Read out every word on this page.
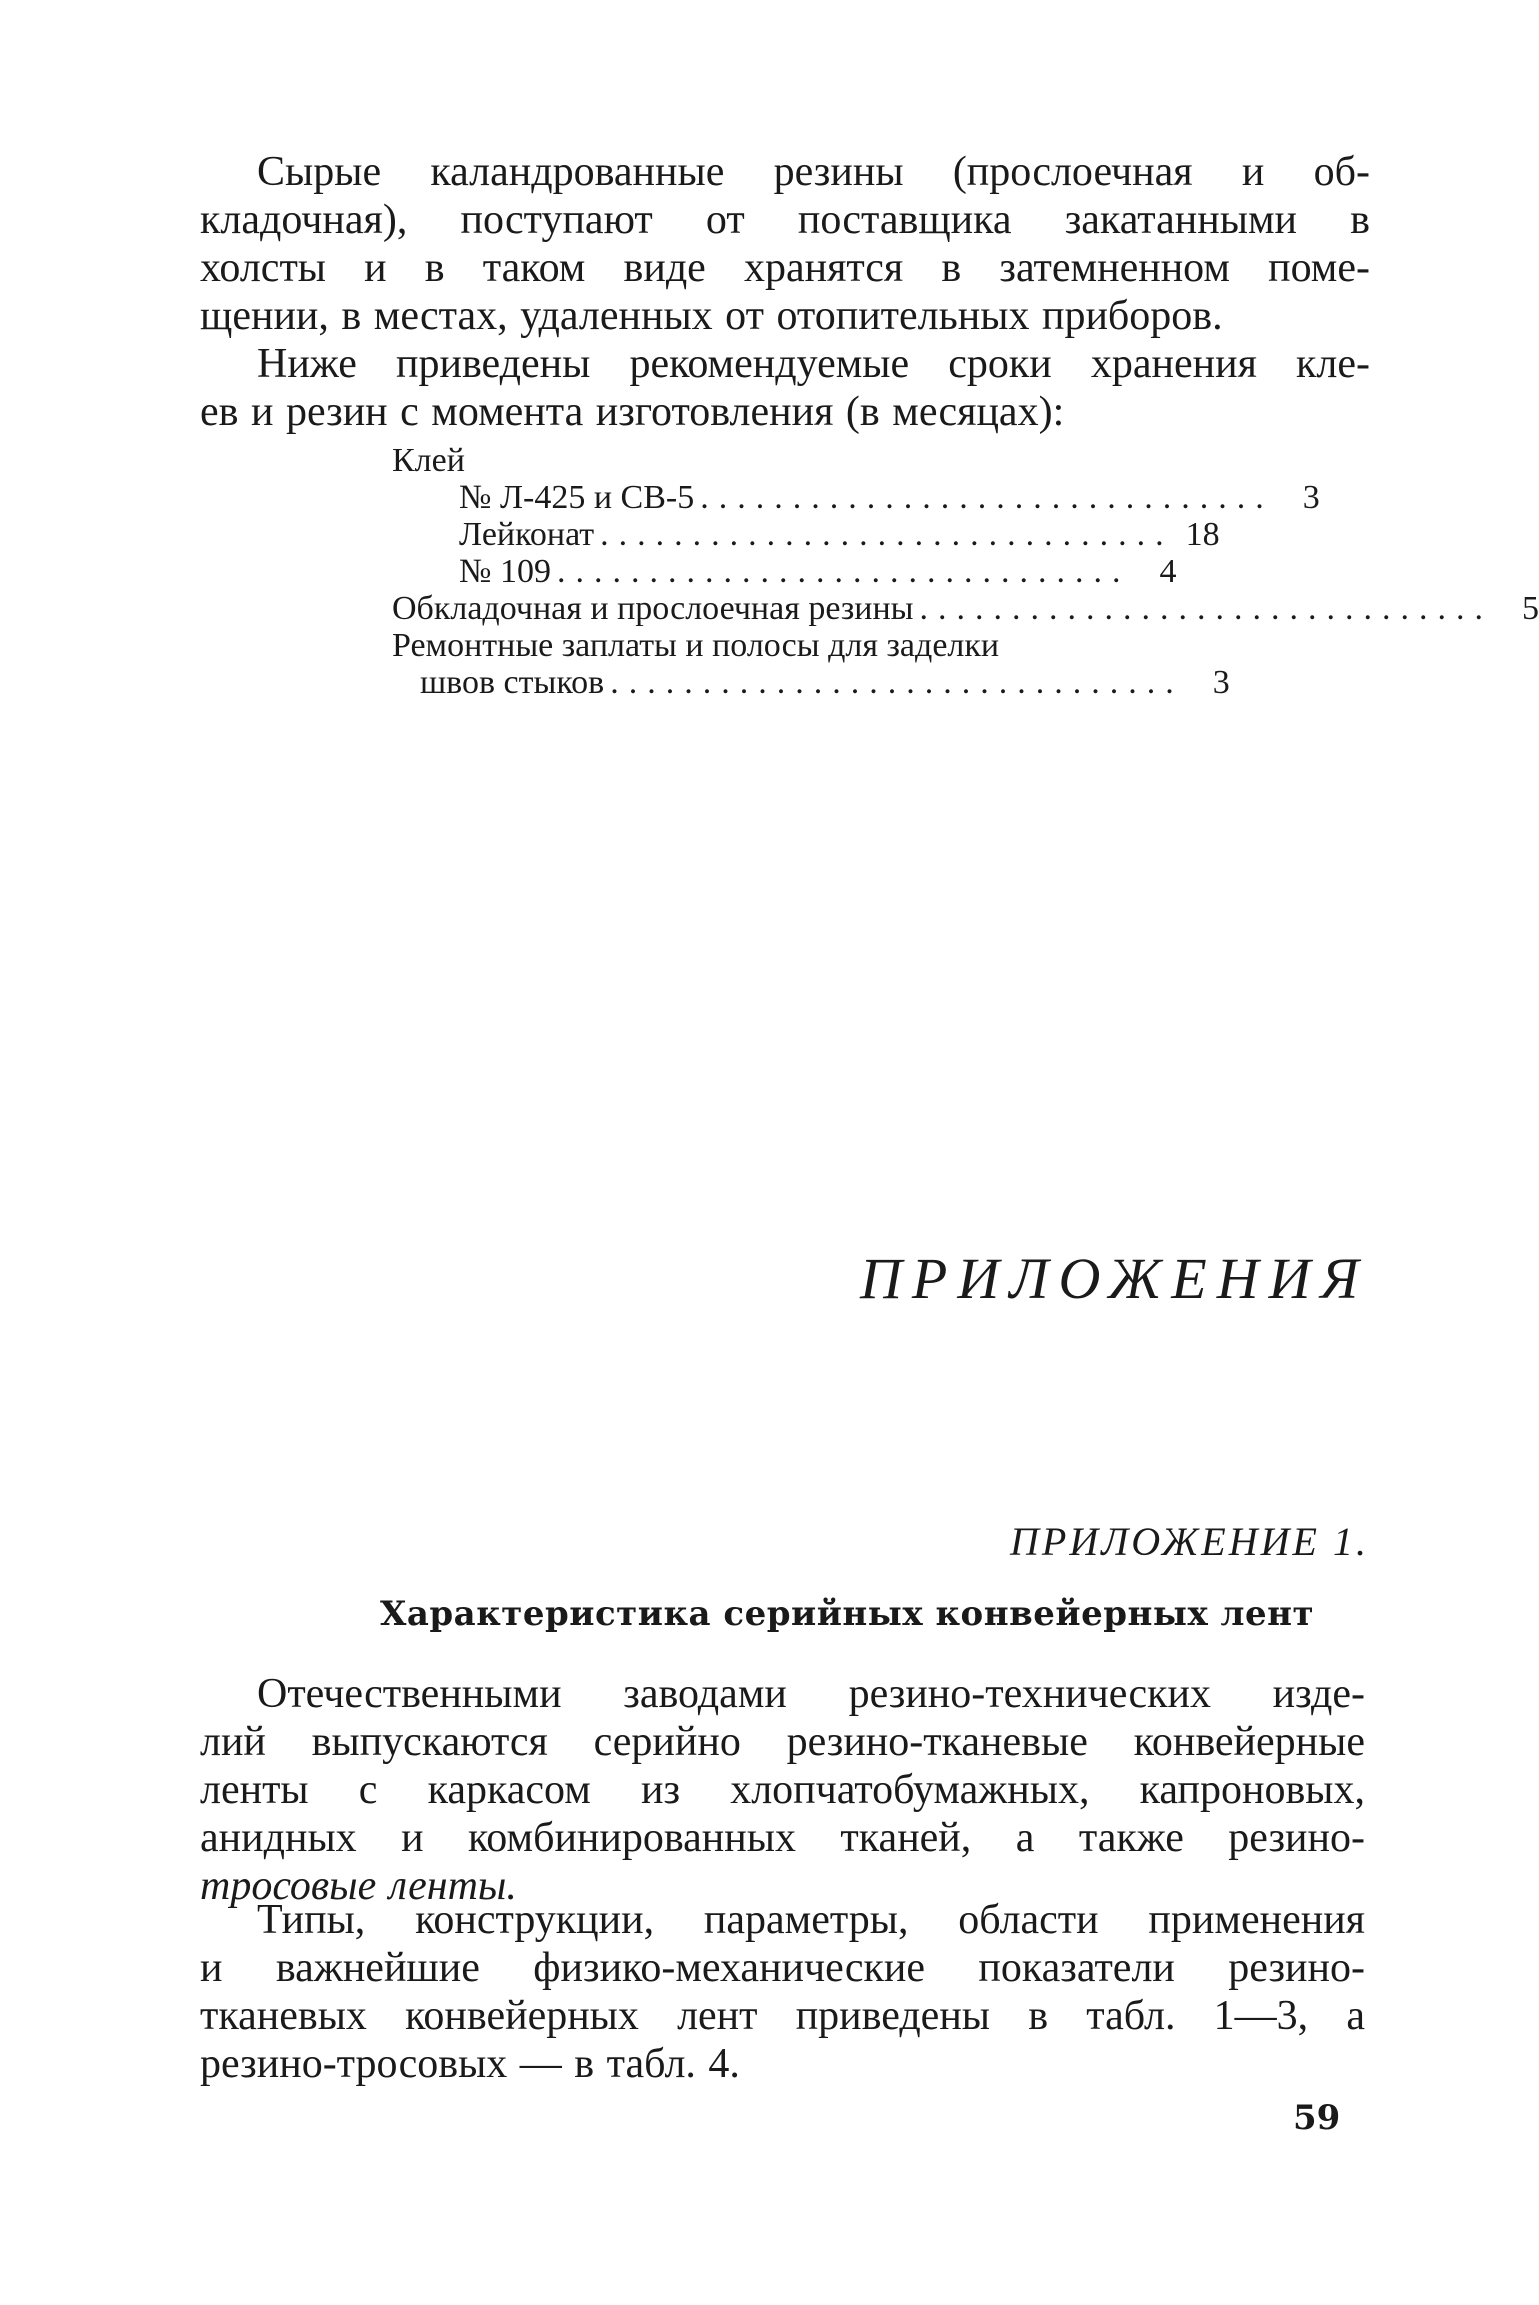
Сырые каландрованные резины (прослоечная и об-
кладочная), поступают от поставщика закатанными в
холсты и в таком виде хранятся в затемненном поме-
щении, в местах, удаленных от отопительных приборов.
Ниже приведены рекомендуемые сроки хранения кле-
ев и резин с момента изготовления (в месяцах):
Клей
№ Л-425 и СВ-5 ............................... 3
Лейконат ............................... 18
№ 109 ............................... 4
Обкладочная и прослоечная резины ............................... 5
Ремонтные заплаты и полосы для заделки
швов стыков ............................... 3
ПРИЛОЖЕНИЯ

ПРИЛОЖЕНИЕ 1.

Характеристика серийных конвейерных лент
Отечественными заводами резино-технических изде-
лий выпускаются серийно резино-тканевые конвейерные
ленты с каркасом из хлопчатобумажных, капроновых,
анидных и комбинированных тканей, а также резино-
тросовые ленты.
Типы, конструкции, параметры, области применения
и важнейшие физико-механические показатели резино-
тканевых конвейерных лент приведены в табл. 1—3, а
резино-тросовых — в табл. 4.

59
